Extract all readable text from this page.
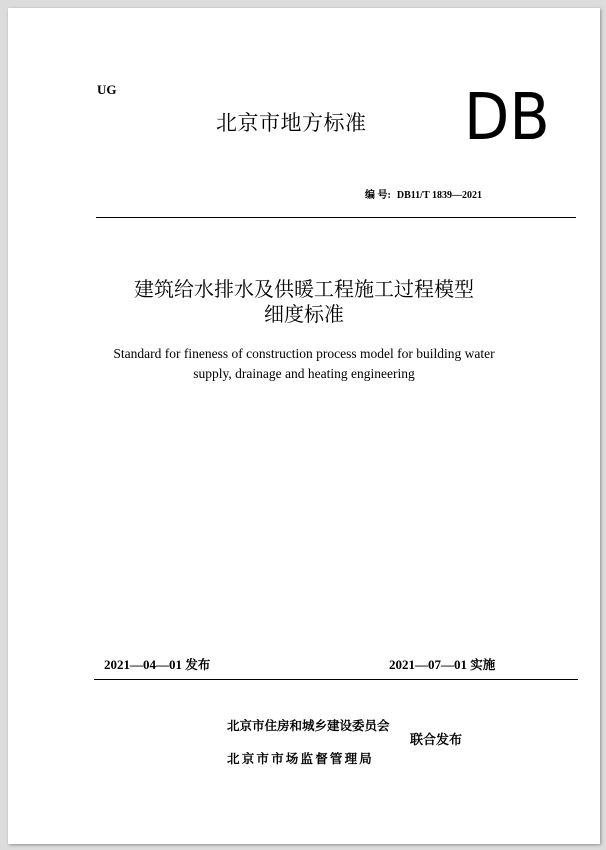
UG
北京市地方标准 DB
编 号: DB11/T 1839—2021
建筑给水排水及供暖工程施工过程模型
细度标准
Standard for fineness of construction process model for building water
supply, drainage and heating engineering
2021—04—01 发布	2021—07—01 实施
北京市住房和城乡建设委员会
北京市市场监督管理局
联合发布
